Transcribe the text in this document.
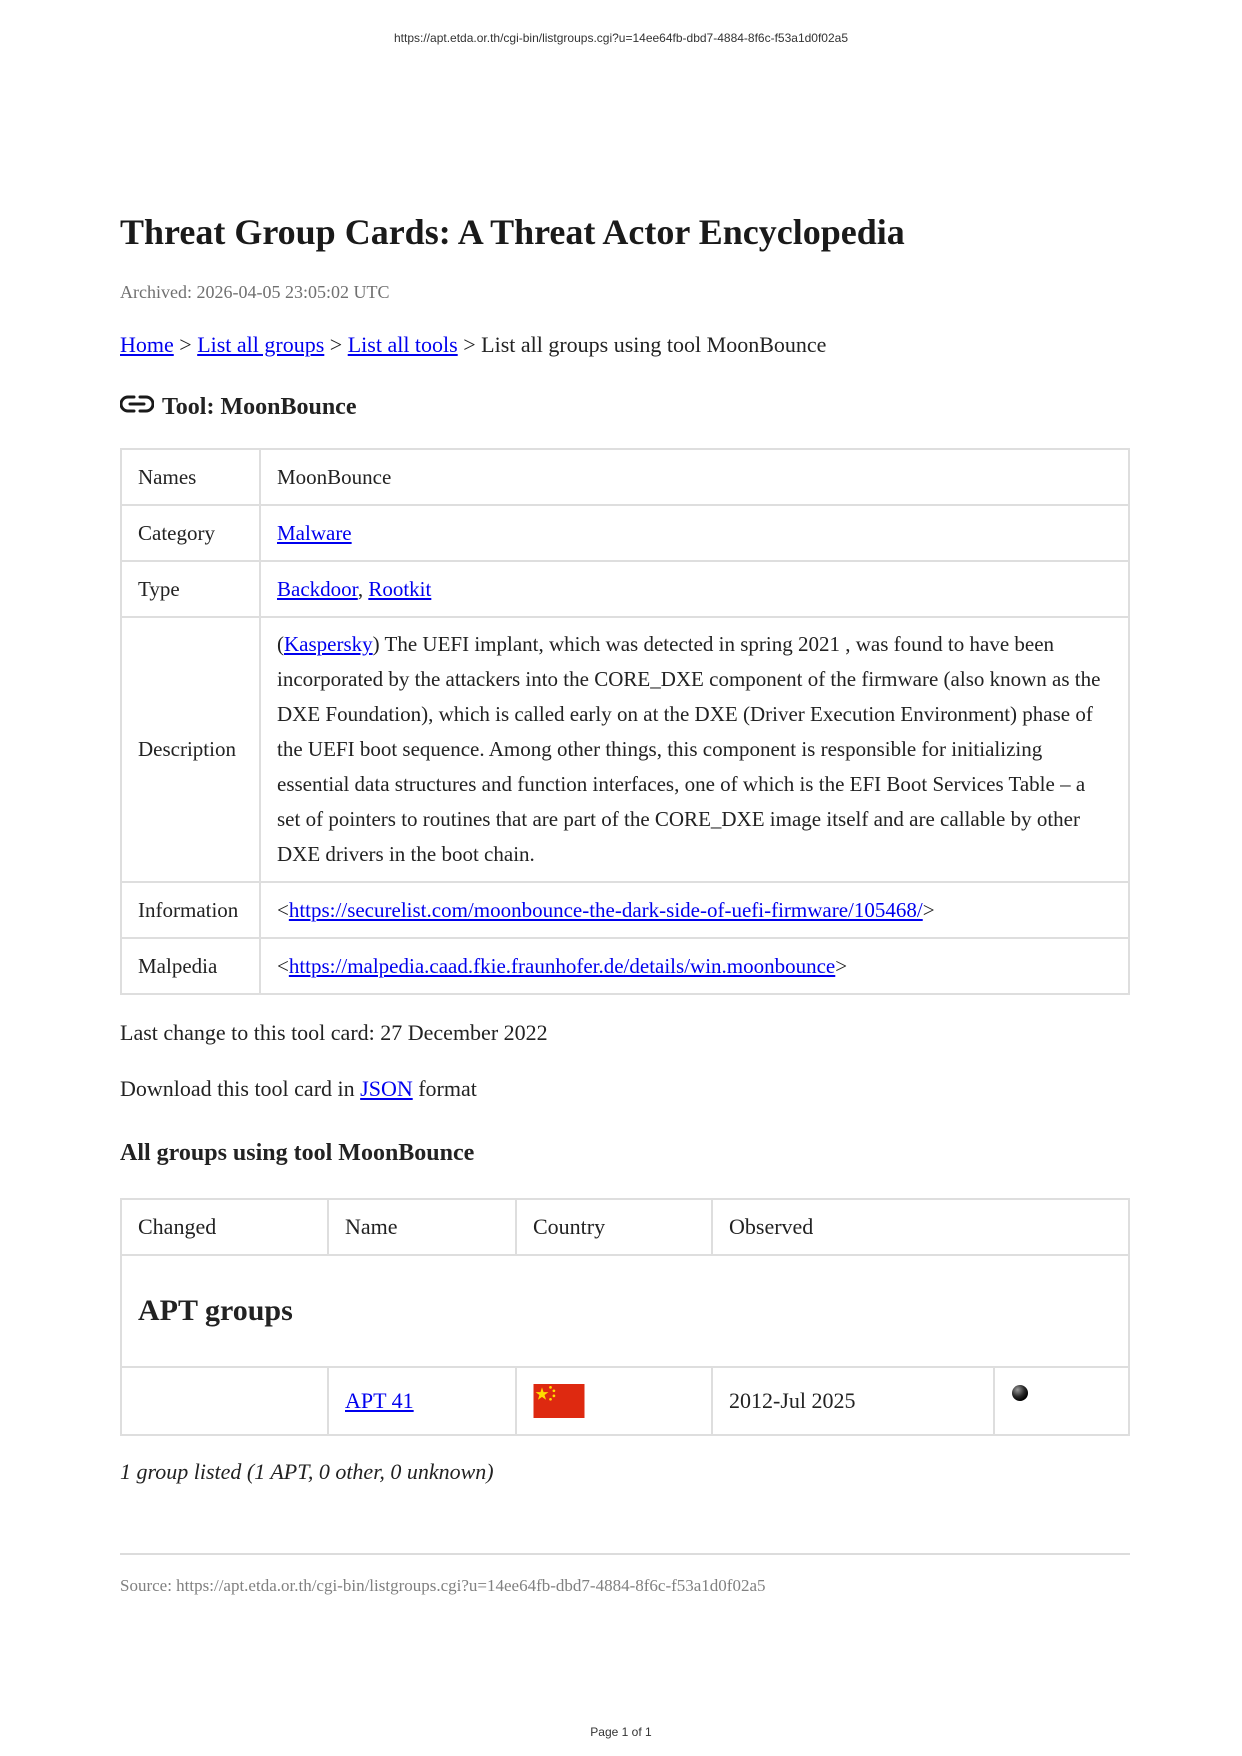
https://apt.etda.or.th/cgi-bin/listgroups.cgi?u=14ee64fb-dbd7-4884-8f6c-f53a1d0f02a5
Threat Group Cards: A Threat Actor Encyclopedia
Archived: 2026-04-05 23:05:02 UTC
Home > List all groups > List all tools > List all groups using tool MoonBounce
Tool: MoonBounce
Names	MoonBounce
Category	Malware
Type	Backdoor, Rootkit
Description	(Kaspersky) The UEFI implant, which was detected in spring 2021 , was found to have been incorporated by the attackers into the CORE_DXE component of the firmware (also known as the DXE Foundation), which is called early on at the DXE (Driver Execution Environment) phase of the UEFI boot sequence. Among other things, this component is responsible for initializing essential data structures and function interfaces, one of which is the EFI Boot Services Table – a set of pointers to routines that are part of the CORE_DXE image itself and are callable by other DXE drivers in the boot chain.
Information	<https://securelist.com/moonbounce-the-dark-side-of-uefi-firmware/105468/>
Malpedia	<https://malpedia.caad.fkie.fraunhofer.de/details/win.moonbounce>
Last change to this tool card: 27 December 2022
Download this tool card in JSON format
All groups using tool MoonBounce
Changed	Name	Country	Observed	
APT groups				
	APT 41		2012-Jul 2025	
1 group listed (1 APT, 0 other, 0 unknown)
Source: https://apt.etda.or.th/cgi-bin/listgroups.cgi?u=14ee64fb-dbd7-4884-8f6c-f53a1d0f02a5
Page 1 of 1
